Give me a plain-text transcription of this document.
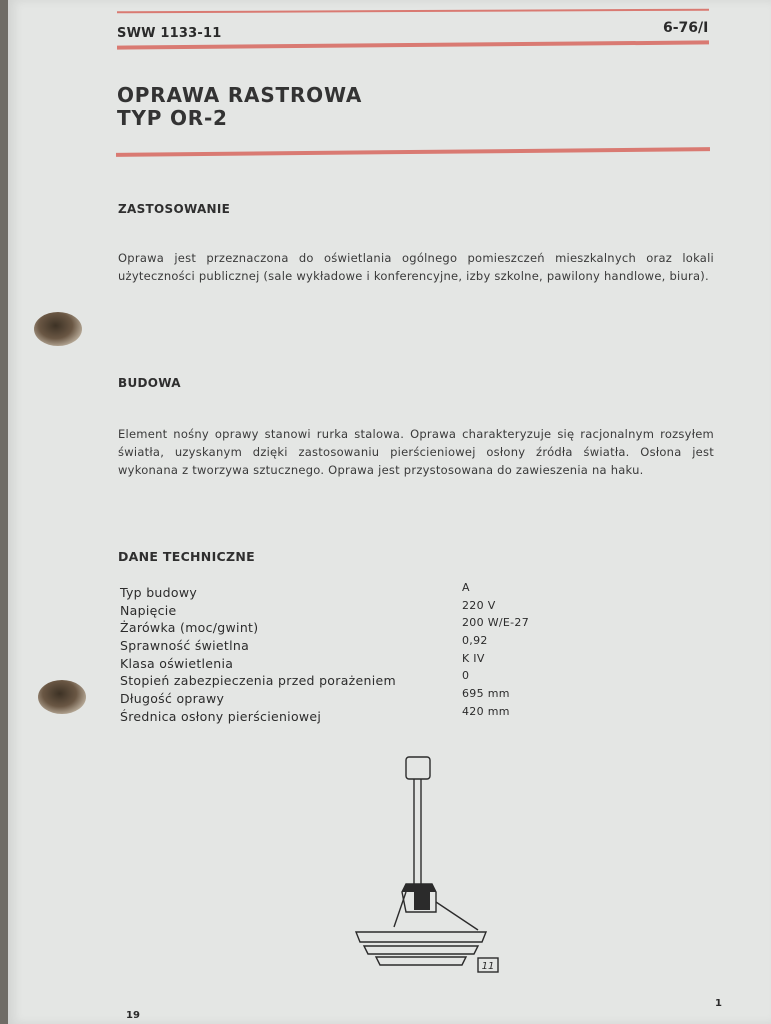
SWW 1133-11	6-76/I
OPRAWA RASTROWA
TYP OR-2
ZASTOSOWANIE
Oprawa jest przeznaczona do oświetlania ogólnego pomieszczeń mieszkalnych oraz lokali użyteczności publicznej (sale wykładowe i konferencyjne, izby szkolne, pawilony handlowe, biura).
BUDOWA
Element nośny oprawy stanowi rurka stalowa. Oprawa charakteryzuje się racjonalnym rozsyłem światła, uzyskanym dzięki zastosowaniu pierścieniowej osłony źródła światła. Osłona jest wykonana z tworzywa sztucznego. Oprawa jest przystosowana do zawieszenia na haku.
DANE TECHNICZNE
Typ budowy	A
Napięcie	220 V
Żarówka (moc/gwint)	200 W/E-27
Sprawność świetlna	0,92
Klasa oświetlenia	K IV
Stopień zabezpieczenia przed porażeniem	0
Długość oprawy	695 mm
Średnica osłony pierścieniowej	420 mm
11
19
1
